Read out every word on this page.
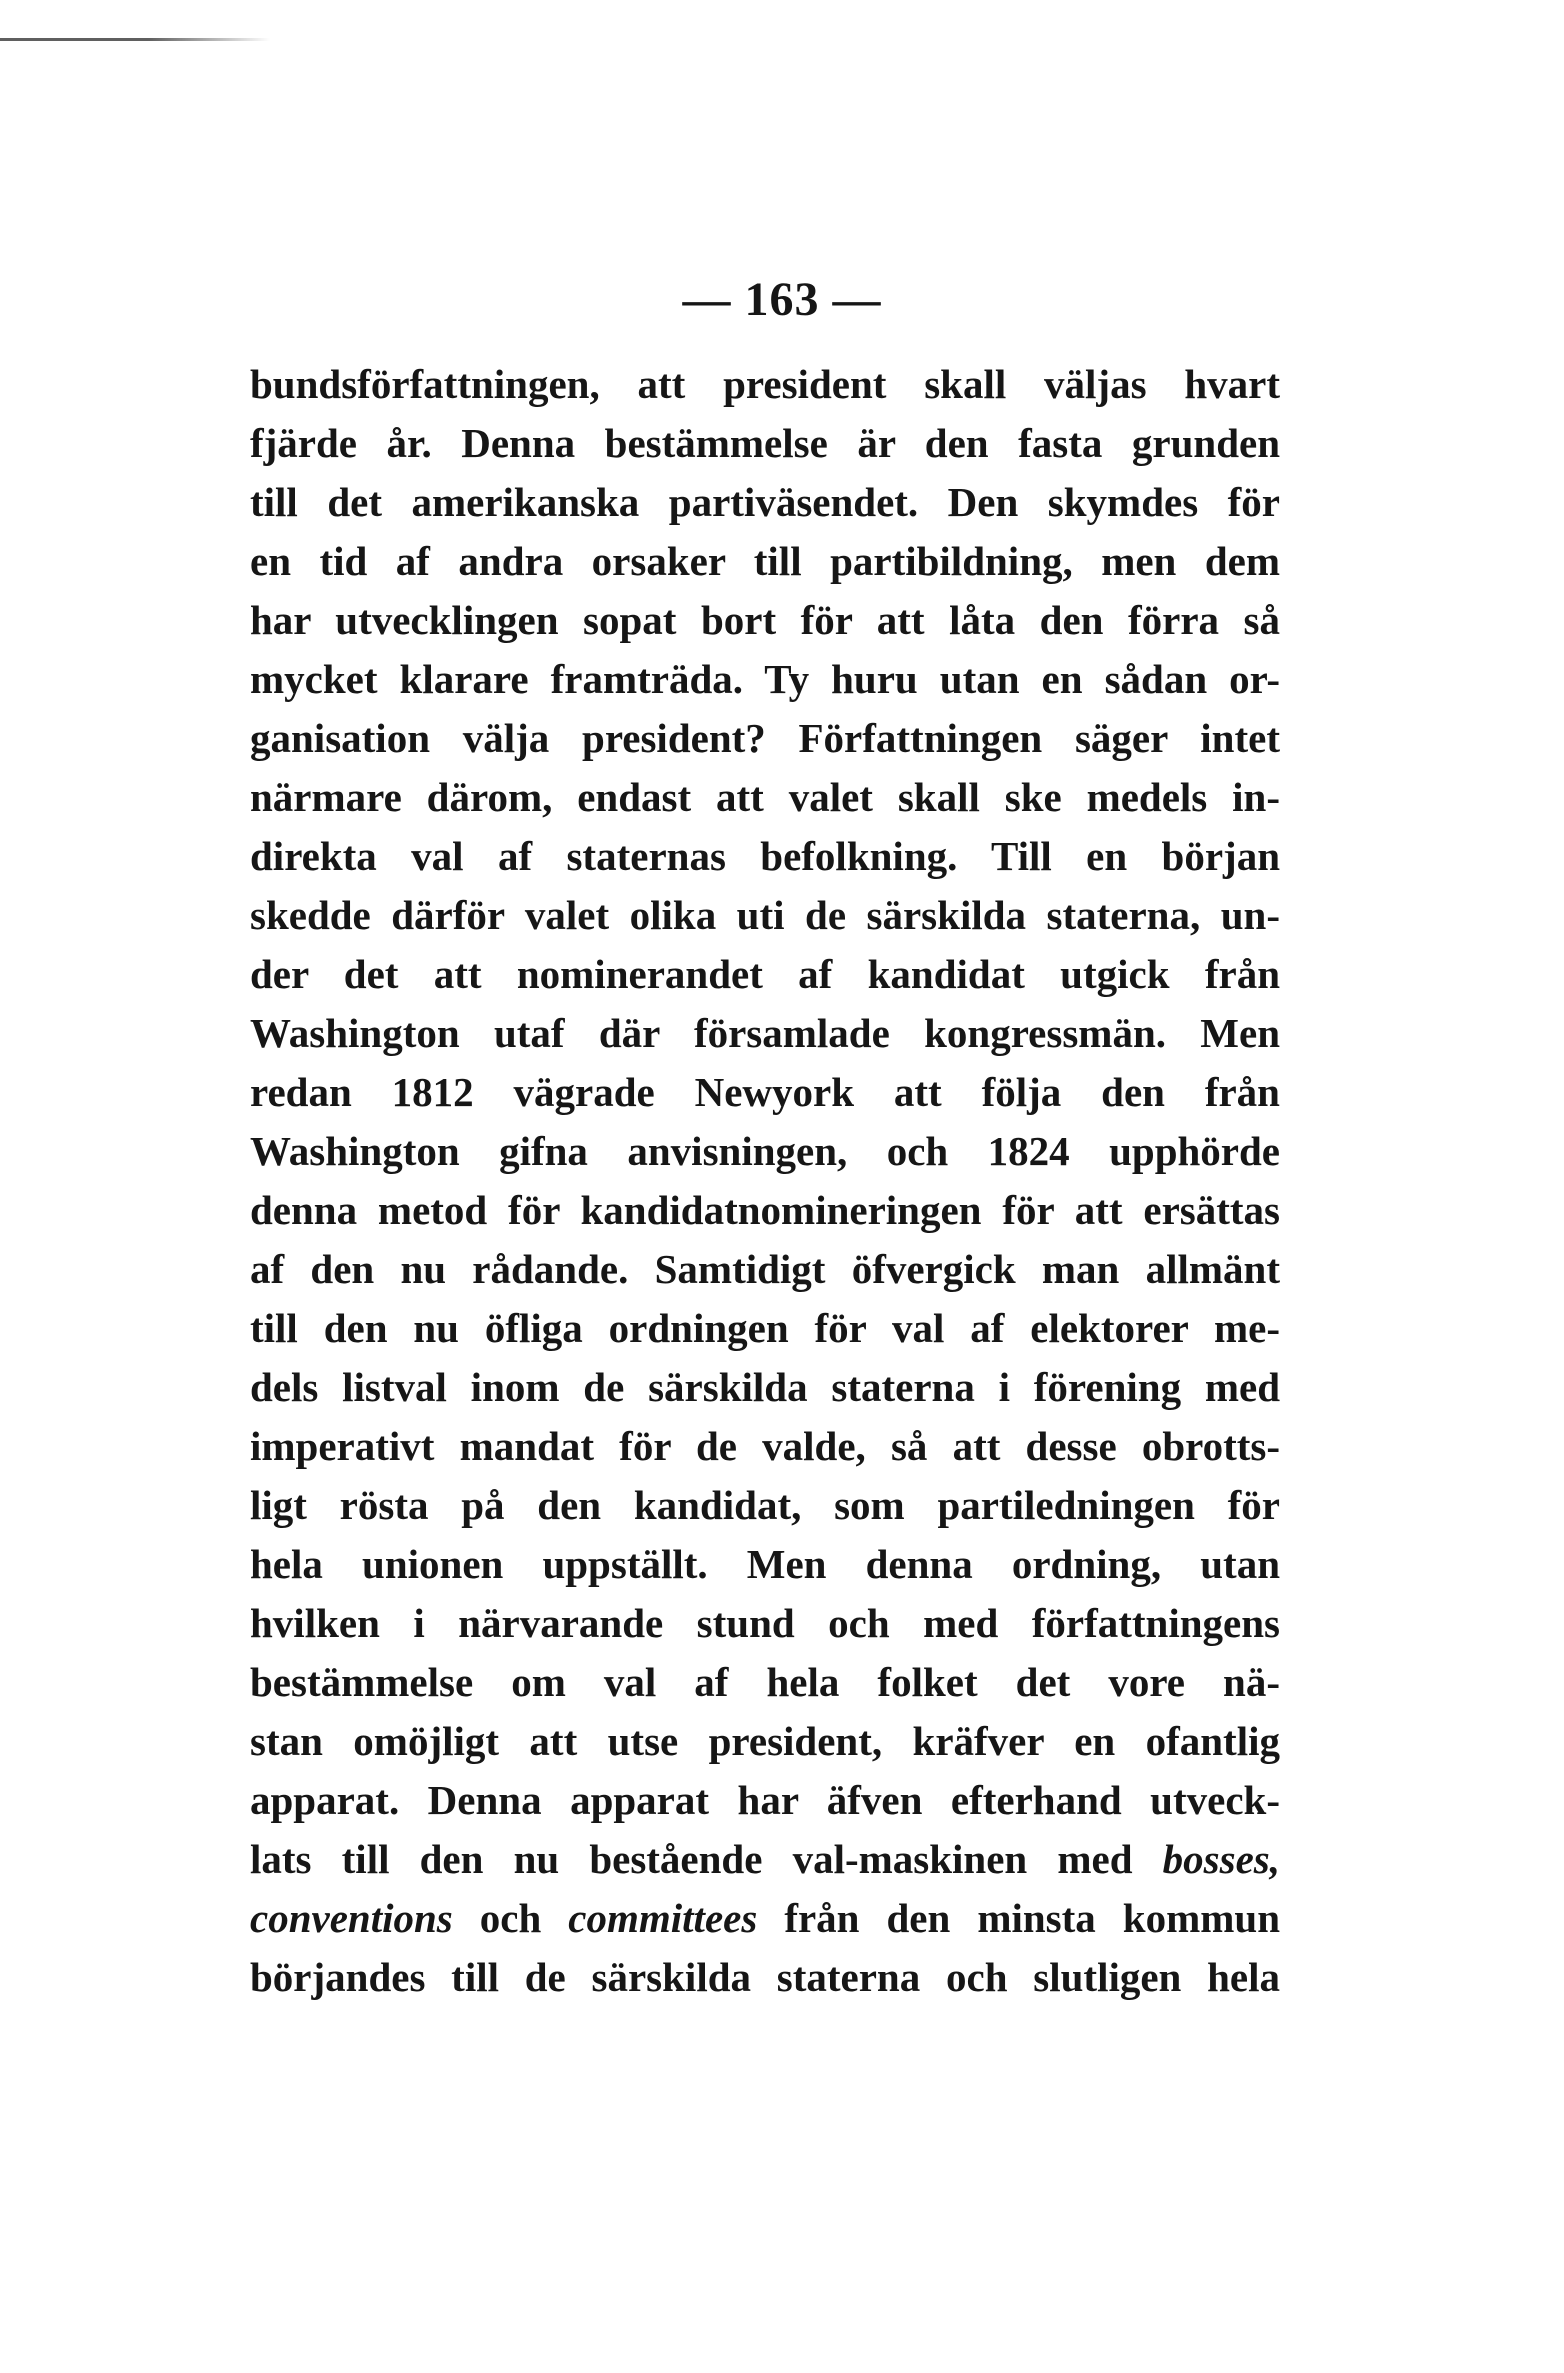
— 163 —
bundsförfattningen, att president skall väljas hvart
fjärde år. Denna bestämmelse är den fasta grunden
till det amerikanska partiväsendet. Den skymdes för
en tid af andra orsaker till partibildning, men dem
har utvecklingen sopat bort för att låta den förra så
mycket klarare framträda. Ty huru utan en sådan or-
ganisation välja president? Författningen säger intet
närmare därom, endast att valet skall ske medels in-
direkta val af staternas befolkning. Till en början
skedde därför valet olika uti de särskilda staterna, un-
der det att nominerandet af kandidat utgick från
Washington utaf där församlade kongressmän. Men
redan 1812 vägrade Newyork att följa den från
Washington gifna anvisningen, och 1824 upphörde
denna metod för kandidatnomineringen för att ersättas
af den nu rådande. Samtidigt öfvergick man allmänt
till den nu öfliga ordningen för val af elektorer me-
dels listval inom de särskilda staterna i förening med
imperativt mandat för de valde, så att desse obrotts-
ligt rösta på den kandidat, som partiledningen för
hela unionen uppställt. Men denna ordning, utan
hvilken i närvarande stund och med författningens
bestämmelse om val af hela folket det vore nä-
stan omöjligt att utse president, kräfver en ofantlig
apparat. Denna apparat har äfven efterhand utveck-
lats till den nu bestående val-maskinen med bosses,
conventions och committees från den minsta kommun
börjandes till de särskilda staterna och slutligen hela
